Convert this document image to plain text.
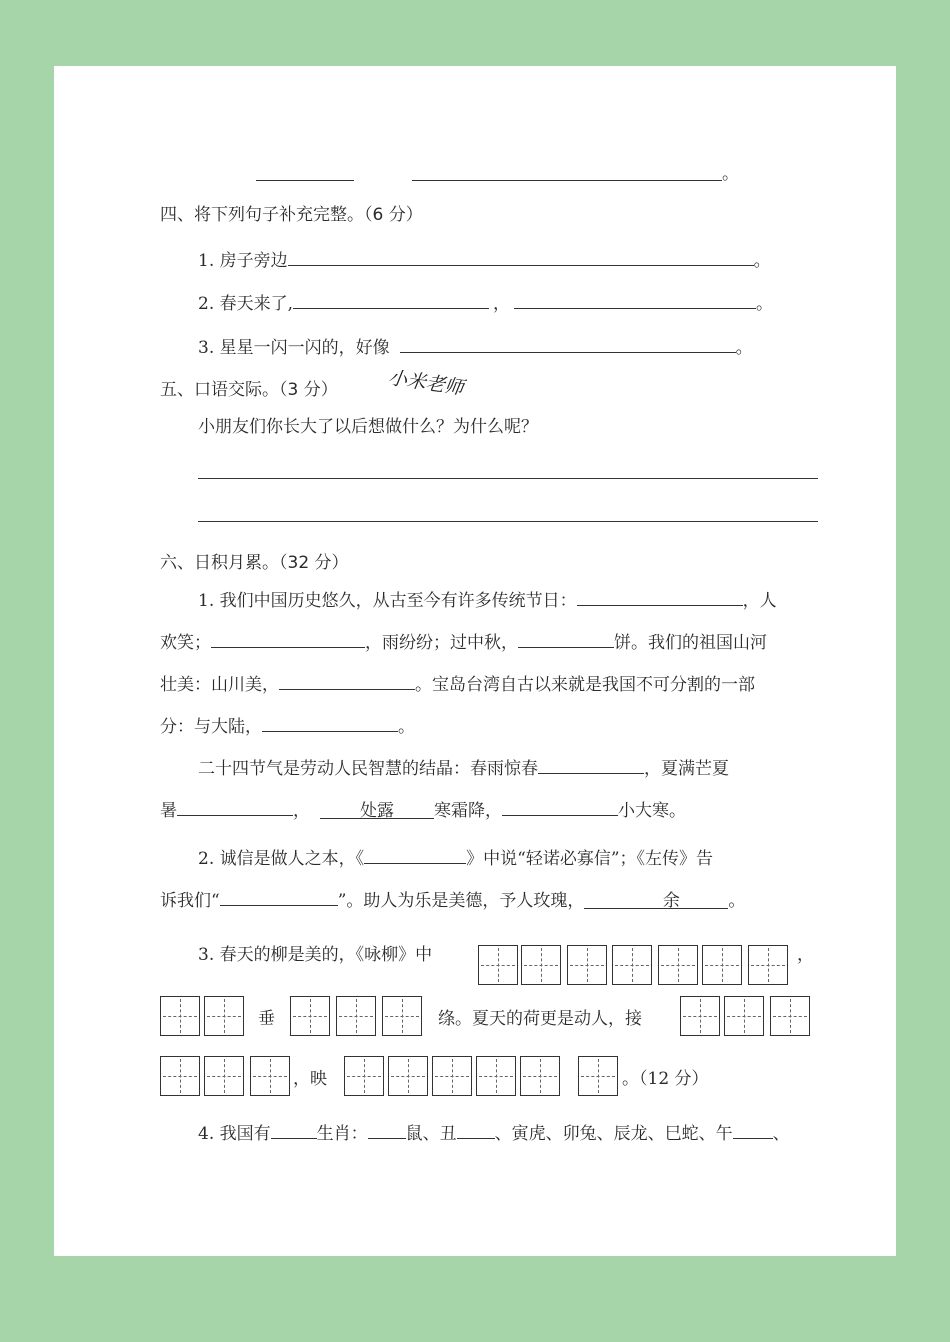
。
四、将下列句子补充完整。（6 分）
1. 房子旁边	。
2. 春天来了,	，	。
3. 星星一闪一闪的，好像	。
五、口语交际。（3 分）	小米老师
小朋友们你长大了以后想做什么？为什么呢？
六、日积月累。（32 分）
1. 我们中国历史悠久，从古至今有许多传统节日：	，人
欢笑；	，雨纷纷；过中秋，	饼。我们的祖国山河
壮美：山川美，	。宝岛台湾自古以来就是我国不可分割的一部
分：与大陆，	。
二十四节气是劳动人民智慧的结晶：春雨惊春	，夏满芒夏
暑	，	处露 寒霜降，	小大寒。
2. 诚信是做人之本，《	》中说“轻诺必寡信”；《左传》告
诉我们“	”。助人为乐是美德，予人玫瑰，	余	。
3. 春天的柳是美的，《咏柳》中	，
垂	绦。夏天的荷更是动人，接
，映	。（12 分）
4. 我国有	生肖： 鼠、丑 、寅虎、卯兔、辰龙、巳蛇、午 、
